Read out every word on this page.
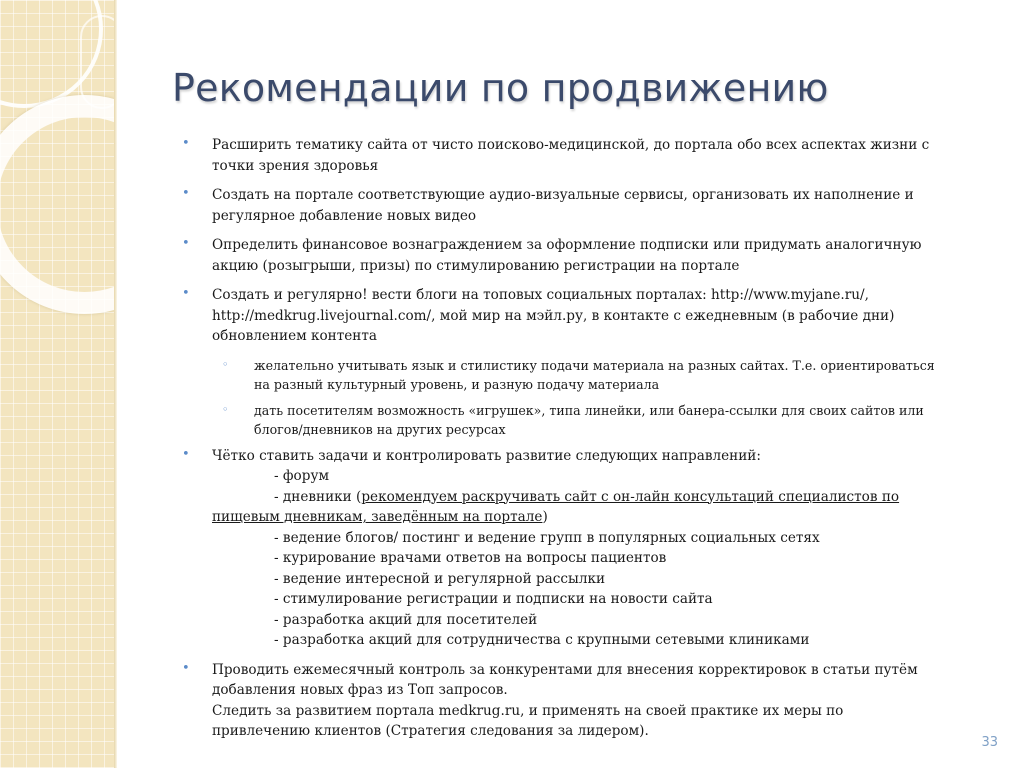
Рекомендации по продвижению
• Расширить тематику сайта от чисто поисково-медицинской, до портала обо всех аспектах жизни с
точки зрения здоровья
• Создать на портале соответствующие аудио-визуальные сервисы, организовать их наполнение и
регулярное добавление новых видео
• Определить финансовое вознаграждением за оформление подписки или придумать аналогичную
акцию (розыгрыши, призы) по стимулированию регистрации на портале
• Создать и регулярно! вести блоги на топовых социальных порталах: http://www.myjane.ru/,
http://medkrug.livejournal.com/, мой мир на мэйл.ру, в контакте с ежедневным (в рабочие дни)
обновлением контента
◦ желательно учитывать язык и стилистику подачи материала на разных сайтах. Т.е. ориентироваться
на разный культурный уровень, и разную подачу материала
◦ дать посетителям возможность «игрушек», типа линейки, или банера-ссылки для своих сайтов или
блогов/дневников на других ресурсах
• Чётко ставить задачи и контролировать развитие следующих направлений:
- форум
- дневники (рекомендуем раскручивать сайт с он-лайн консультаций специалистов по
пищевым дневникам, заведённым на портале)
- ведение блогов/ постинг и ведение групп в популярных социальных сетях
- курирование врачами ответов на вопросы пациентов
- ведение интересной и регулярной рассылки
- стимулирование регистрации и подписки на новости сайта
- разработка акций для посетителей
- разработка акций для сотрудничества с крупными сетевыми клиниками
• Проводить ежемесячный контроль за конкурентами для внесения корректировок в статьи путём
добавления новых фраз из Топ запросов.
Следить за развитием портала medkrug.ru, и применять на своей практике их меры по
привлечению клиентов (Стратегия следования за лидером).
33
